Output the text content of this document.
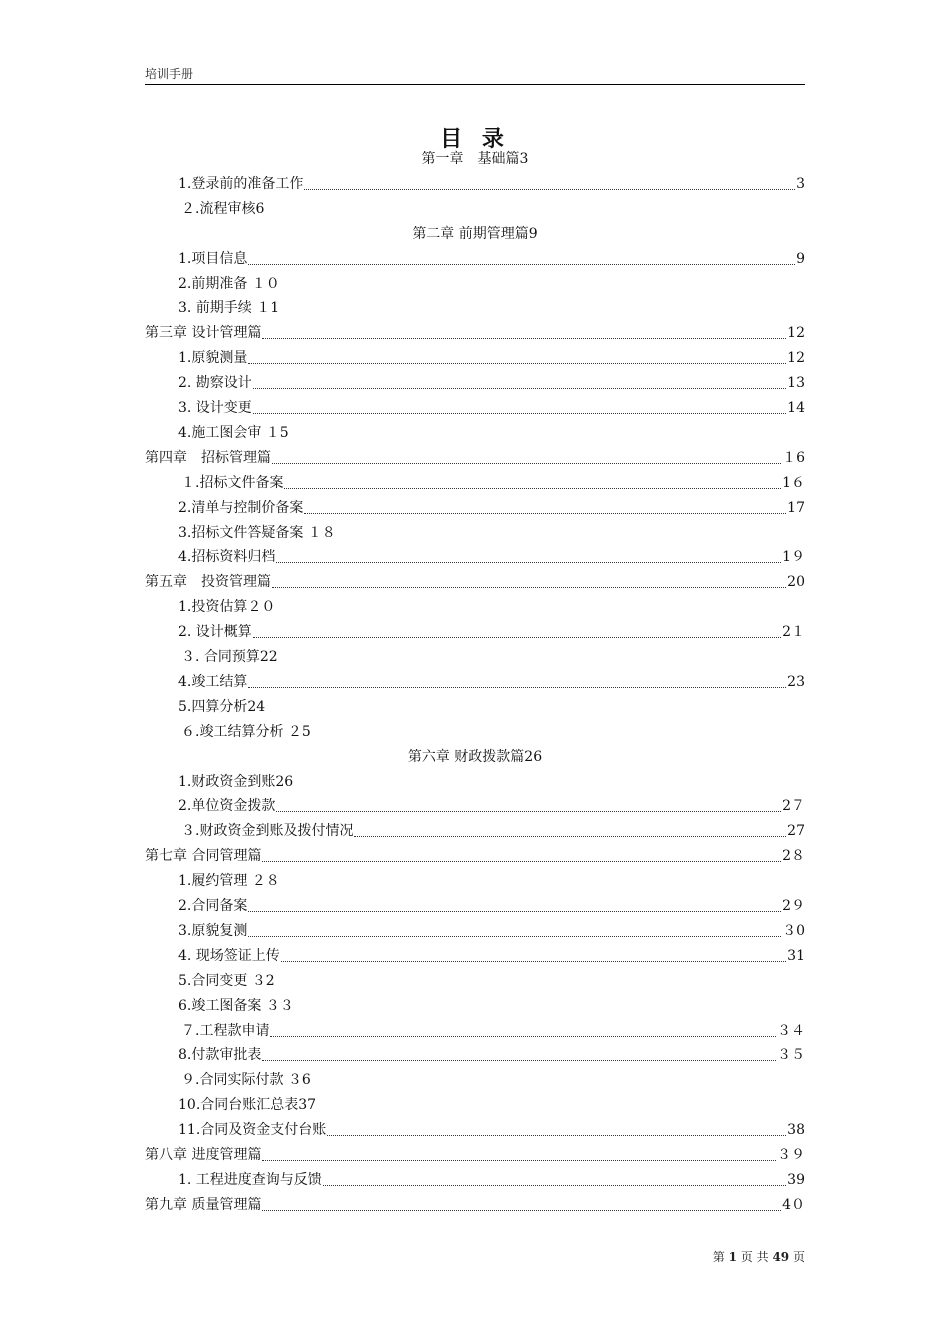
培训手册
目 录
第一章　基础篇3
1.登录前的准备工作	3
２.流程审核6
第二章 前期管理篇9
1.项目信息	9
2.前期准备 １０
3. 前期手续 １1
第三章 设计管理篇	12
1.原貌测量	12
2. 勘察设计	13
3. 设计变更	14
4.施工图会审 １5
第四章　招标管理篇	１6
１.招标文件备案	1６
2.清单与控制价备案	17
3.招标文件答疑备案 １８
4.招标资料归档	1９
第五章　投资管理篇	20
1.投资估算２０
2. 设计概算	2１
３. 合同预算22
4.竣工结算	23
5.四算分析24
６.竣工结算分析 ２5
第六章 财政拨款篇26
1.财政资金到账26
2.单位资金拨款	2７
３.财政资金到账及拨付情况	27
第七章 合同管理篇	2８
1.履约管理 ２８
2.合同备案	2９
3.原貌复测	３0
4. 现场签证上传	31
5.合同变更 ３2
6.竣工图备案 ３３
７.工程款申请	３４
8.付款审批表	３５
９.合同实际付款 ３6
10.合同台账汇总表37
11.合同及资金支付台账	38
第八章 进度管理篇	３９
1. 工程进度查询与反馈	39
第九章 质量管理篇	4０
第 1 页 共 49 页
